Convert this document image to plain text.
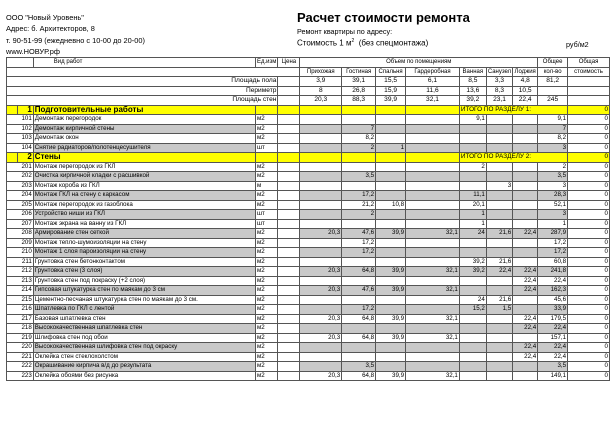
ООО "Новый Уровень"
Адрес: б. Архитекторов, 8
т. 90-51-99 (ежедневно с 10-00 до 20-00)
www.НОВУР.рф
Расчет стоимости ремонта
Ремонт квартиры по адресу:
Стоимость 1 $м^2$ (без спецмонтажа)	руб/м2
		Вид работ	Ед.изм	Цена	Объем по помещениям							Общее	Общая
					Прихожая	Гостиная	Спальня	Гардеробная	Ванная	Санузел	Лоджия	кол-во	стоимость
Площадь пола					3,9	39,1	15,5	6,1	8,5	3,3	4,8	81,2	
Периметр					8	26,8	15,9	11,6	13,6	8,3	10,5		
Площадь стен					20,3	88,3	39,9	32,1	39,2	23,1	22,4	245	
	1	Подготовительные работы							ИТОГО ПО РАЗДЕЛУ 1:				0
101		Демонтаж перегородок	м2						9,1			9,1	0
102		Демонтаж кирпичной стены	м2			7						7	0
103		Демонтаж окон	м2			8,2						8,2	0
104		Снятие радиаторов/полотенцесушителя	шт			2	1					3	0
	2	Стены							ИТОГО ПО РАЗДЕЛУ 2:				0
201		Монтаж перегородок из ГКЛ	м2						2			2	0
202		Очистка кирпичной кладки с расшивкой	м2			3,5						3,5	0
203		Монтаж короба из ГКЛ	м							3		3	0
204		Монтаж ГКЛ на стену с каркасом	м2			17,2			11,1			28,3	0
205		Монтаж перегородок из газоблока	м2			21,2	10,8		20,1			52,1	0
206		Устройство ниши из ГКЛ	шт			2			1			3	0
207		Монтаж экрана на ванну из ГКЛ	шт						1			1	0
208		Армирование стен сеткой	м2		20,3	47,6	39,9	32,1	24	21,6	22,4	287,9	0
209		Монтаж тепло-шумоизоляции на стену	м2			17,2						17,2	0
210		Монтаж 1 слоя пароизоляции на стену	м2			17,2						17,2	0
211		Грунтовка стен бетонконтактом	м2						39,2	21,6		60,8	0
212		Грунтовка стен (3 слоя)	м2		20,3	64,8	39,9	32,1	39,2	22,4	22,4	241,8	0
213		Грунтовка стен под покраску (+2 слоя)	м2								22,4	22,4	0
214		Гипсовая штукатурка стен по маякам до 3 см	м2		20,3	47,6	39,9	32,1			22,4	162,3	0
215		Цементно-песчаная штукатурка стен по маякам до 3 см.	м2						24	21,6		45,6	0
216		Шпатлевка по ГКЛ с лентой	м2			17,2			15,2	1,5		33,9	0
217		Базовая шпатлевка стен	м2		20,3	64,8	39,9	32,1			22,4	179,5	0
218		Высококачественная шпатлевка стен	м2								22,4	22,4	0
219		Шлифовка стен под обои	м2		20,3	64,8	39,9	32,1				157,1	0
220		Высококачественная шлифовка стен под окраску	м2								22,4	22,4	0
221		Оклейка стен стеклохолстом	м2								22,4	22,4	0
222		Окрашивание кирпича в/д до результата	м2			3,5						3,5	0
223		Оклейка обоями без рисунка	м2		20,3	64,8	39,9	32,1				149,1	0
